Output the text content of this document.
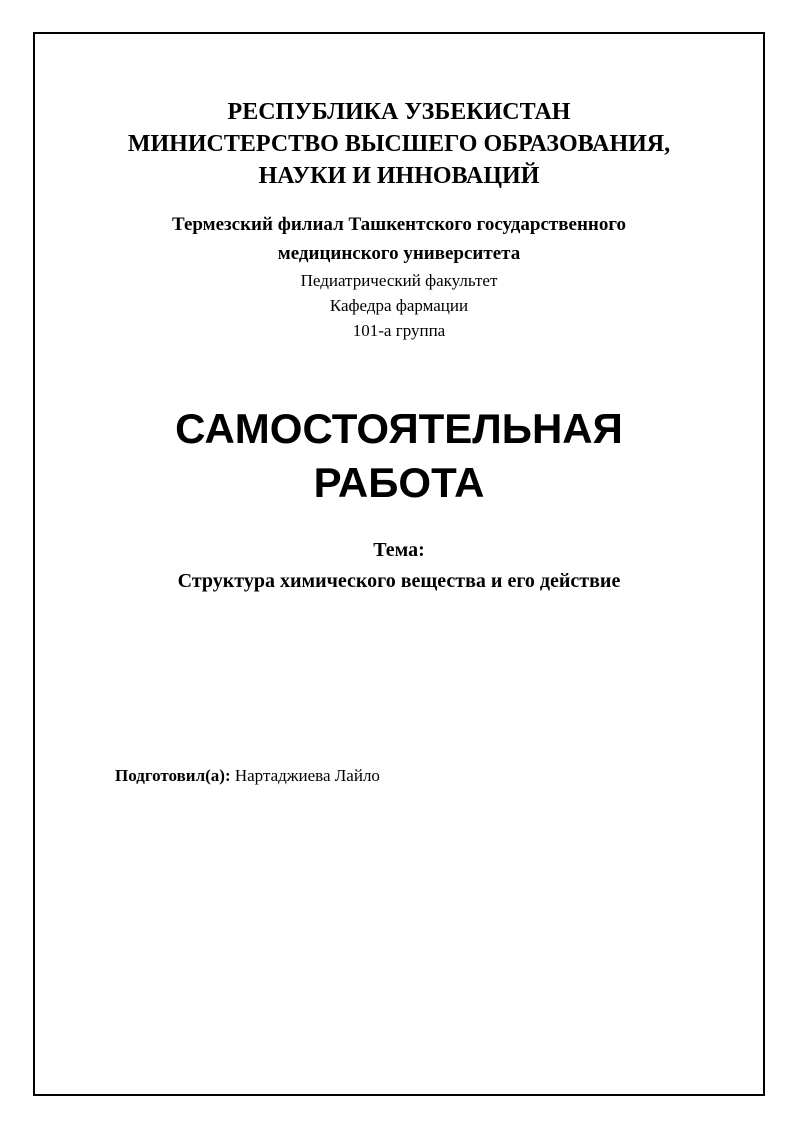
РЕСПУБЛИКА УЗБЕКИСТАН
МИНИСТЕРСТВО ВЫСШЕГО ОБРАЗОВАНИЯ,
НАУКИ И ИННОВАЦИЙ
Термезский филиал Ташкентского государственного
медицинского университета
Педиатрический факультет
Кафедра фармации
101-а группа
САМОСТОЯТЕЛЬНАЯ
РАБОТА
Тема:
Структура химического вещества и его действие
Подготовил(а): Нартаджиева Лайло
